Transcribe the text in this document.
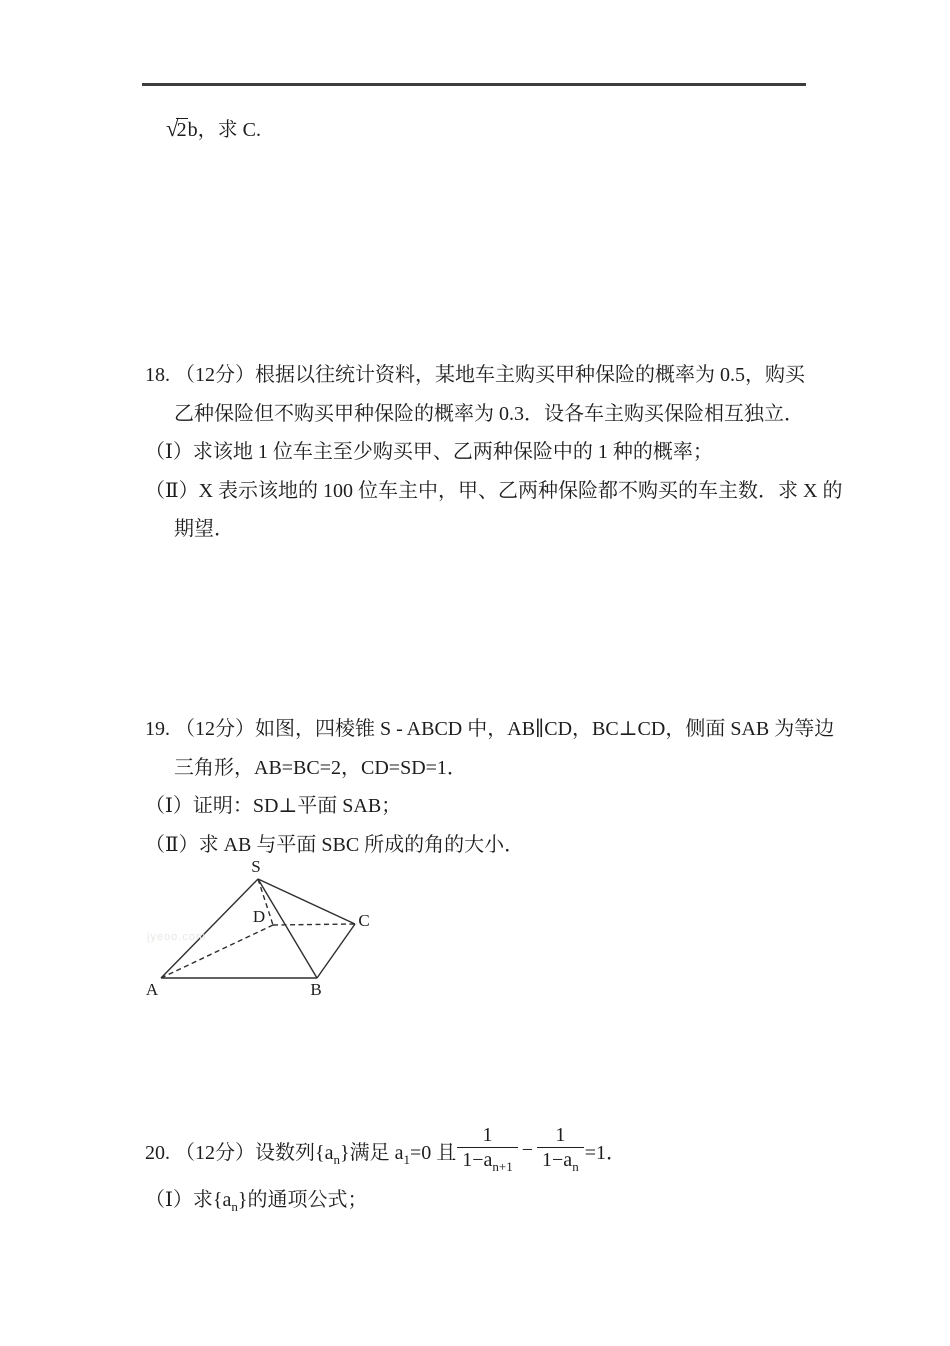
√2b，求 C.
18. （12分）根据以往统计资料，某地车主购买甲种保险的概率为 0.5，购买
乙种保险但不购买甲种保险的概率为 0.3．设各车主购买保险相互独立．
（Ⅰ）求该地 1 位车主至少购买甲、乙两种保险中的 1 种的概率；
（Ⅱ）X 表示该地的 100 位车主中，甲、乙两种保险都不购买的车主数．求 X 的
期望．
19. （12分）如图，四棱锥 S - ABCD 中，AB∥CD，BC⊥CD，侧面 SAB 为等边
三角形，AB=BC=2，CD=SD=1．
（Ⅰ）证明：SD⊥平面 SAB；
（Ⅱ）求 AB 与平面 SBC 所成的角的大小．
jyeoo.com
S
A	B
C
D
20. （12分）设数列$\{a_n\}$满足 $a_1=0$ 且 $\frac{1}{1-a_{n+1}} - \frac{1}{1-a_n} =1$．
（Ⅰ）求$\{a_n\}$的通项公式；
